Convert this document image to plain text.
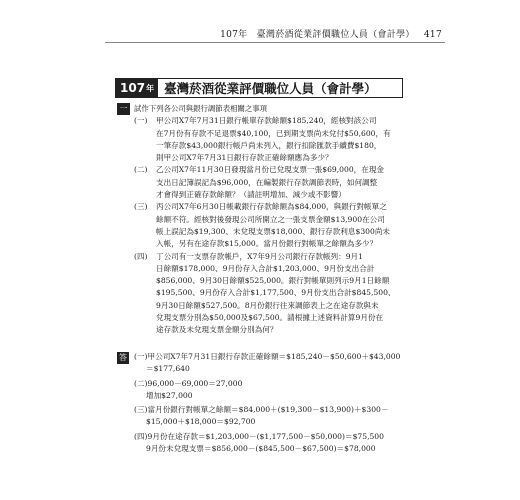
107年 臺灣菸酒從業評價職位人員（會計學） 417
107 年 臺灣菸酒從業評價職位人員（會計學）
一 試作下列各公司與銀行調節表相關之事項
(一)	甲公司X7年7月31日銀行帳單存款餘額$185,240，經核對該公司
在7月份有存款不足退票$40,100，已到期支票尚未兌付$50,600，有
一筆存款$43,000銀行帳戶尚未列入，銀行扣除匯款手續費$180，
則甲公司X7年7月31日銀行存款正確餘額應為多少？
(二)	乙公司X7年11月30日發現當月份已兌現支票一張$69,000，在現金
支出日記簿誤記為$96,000，在編製銀行存款調節表時，如何調整
才會得到正確存款餘額？（請註明增加、減少或不影響）
(三)	丙公司X7年6月30日帳載銀行存款餘額為$84,000，與銀行對帳單之
餘額不符。經核對後發現公司所開立之一張支票金額$13,900在公司
帳上誤記為$19,300、未兌現支票$18,000、銀行存款利息$300尚未
入帳，另有在途存款$15,000。當月份銀行對帳單之餘額為多少？
(四)	丁公司有一支票存款帳戶，X7年9月公司銀行存款帳列：9月1
日餘額$178,000、9月份存入合計$1,203,000、9月份支出合計
$856,000、9月30日餘額$525,000。銀行對帳單則列示9月1日餘額
$195,500、9月份存入合計$1,177,500、9月份支出合計$845,500、
9月30日餘額$527,500。8月份銀行往來調節表上之在途存款與未
兌現支票分別為$50,000及$67,500。請根據上述資料計算9月份在
途存款及未兌現支票金額分別為何？
答 (一)甲公司X7年7月31日銀行存款正確餘額＝$185,240－$50,600＋$43,000
＝$177,640
(二)96,000－69,000＝27,000
增加$27,000
(三)當月份銀行對帳單之餘額＝$84,000＋($19,300－$13,900)＋$300－
$15,000＋$18,000＝$92,700
(四)9月份在途存款＝$1,203,000－($1,177,500－$50,000)＝$75,500
9月份未兌現支票＝$856,000－($845,500－$67,500)＝$78,000
